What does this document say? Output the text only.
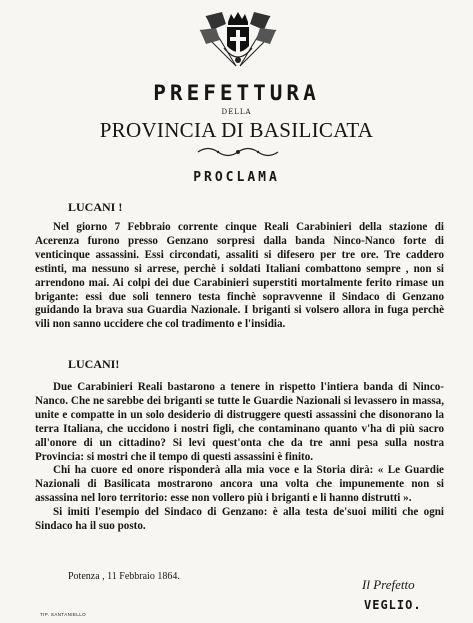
PREFETTURA
DELLA
PROVINCIA DI BASILICATA
PROCLAMA
LUCANI !

Nel giorno 7 Febbraio corrente cinque Reali Carabinieri della stazione di Acerenza furono presso Genzano sorpresi dalla banda Ninco-Nanco forte di venticinque assassini. Essi circondati, assaliti si difesero per tre ore. Tre caddero estinti, ma nessuno si arrese, perchè i soldati Italiani combattono sempre , non si arrendono mai. Ai colpi dei due Carabinieri superstiti mortalmente ferito rimase un brigante: essi due soli tennero testa finchè sopravvenne il Sindaco di Genzano guidando la brava sua Guardia Nazionale. I briganti si volsero allora in fuga perchè vili non sanno uccidere che col tradimento e l'insidia.

LUCANI!

Due Carabinieri Reali bastarono a tenere in rispetto l'intiera banda di Ninco-Nanco. Che ne sarebbe dei briganti se tutte le Guardie Nazionali si levassero in massa, unite e compatte in un solo desiderio di distruggere questi assassini che disonorano la terra Italiana, che uccidono i nostri figli, che contaminano quanto v'ha di più sacro all'onore di un cittadino? Si levi quest'onta che da tre anni pesa sulla nostra Provincia: si mostri che il tempo di questi assassini è finito.

Chi ha cuore ed onore risponderà alla mia voce e la Storia dirà: « Le Guardie Nazionali di Basilicata mostrarono ancora una volta che impunemente non si assassina nel loro territorio: esse non vollero più i briganti e li hanno distrutti ».

Si imiti l'esempio del Sindaco di Genzano: è alla testa de'suoi militi che ogni Sindaco ha il suo posto.

Potenza , 11 Febbraio 1864.
Il Prefetto
VEGLIO.
TIP. SANTANIELLO
